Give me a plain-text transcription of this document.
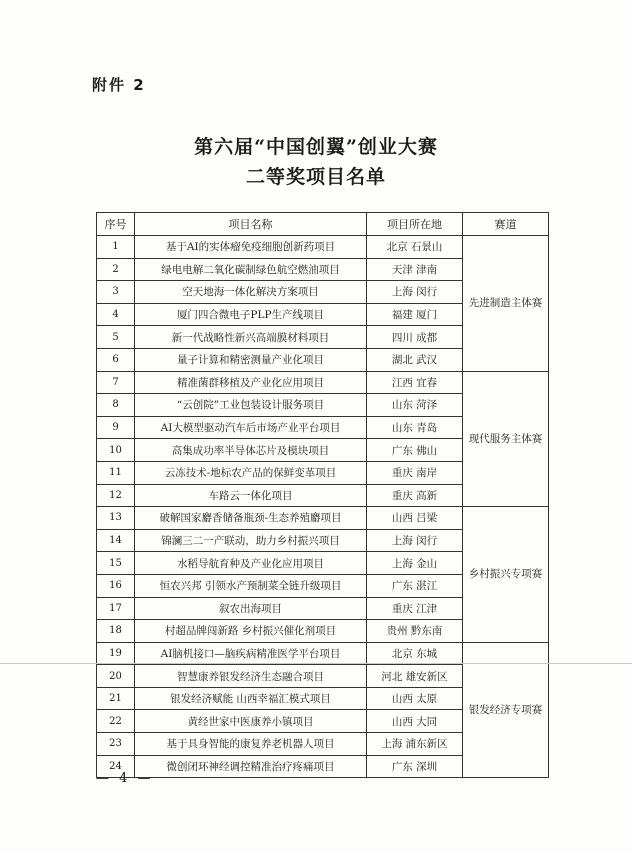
附件 2
第六届“中国创翼”创业大赛
二等奖项目名单
序号	项目名称	项目所在地	赛道
1	基于AI的实体瘤免疫细胞创新药项目	北京 石景山	先进制造主体赛
2	绿电电解二氧化碳制绿色航空燃油项目	天津 津南	
3	空天地海一体化解决方案项目	上海 闵行	
4	厦门四合微电子PLP生产线项目	福建 厦门	
5	新一代战略性新兴高端膜材料项目	四川 成都	
6	量子计算和精密测量产业化项目	湖北 武汉	
7	精准菌群移植及产业化应用项目	江西 宜春	现代服务主体赛
8	“云创院”工业包装设计服务项目	山东 菏泽	
9	AI大模型驱动汽车后市场产业平台项目	山东 青岛	
10	高集成功率半导体芯片及模块项目	广东 佛山	
11	云冻技术-地标农产品的保鲜变革项目	重庆 南岸	
12	车路云一体化项目	重庆 高新	
13	破解国家麝香储备瓶颈-生态养殖麝项目	山西 吕梁	乡村振兴专项赛
14	锦澜三二一产联动，助力乡村振兴项目	上海 闵行	
15	水稻导航育种及产业化应用项目	上海 金山	
16	恒农兴邦 引领水产预制菜全链升级项目	广东 湛江	
17	叙农出海项目	重庆 江津	
18	村超品牌闯新路 乡村振兴催化剂项目	贵州 黔东南	
19	AI脑机接口—脑疾病精准医学平台项目	北京 东城	银发经济专项赛
20	智慧康养银发经济生态融合项目	河北 雄安新区	
21	银发经济赋能 山西幸福汇模式项目	山西 太原	
22	黄经世家中医康养小镇项目	山西 大同	
23	基于具身智能的康复养老机器人项目	上海 浦东新区	
24	微创闭环神经调控精准治疗疼痛项目	广东 深圳	
— 4 —
